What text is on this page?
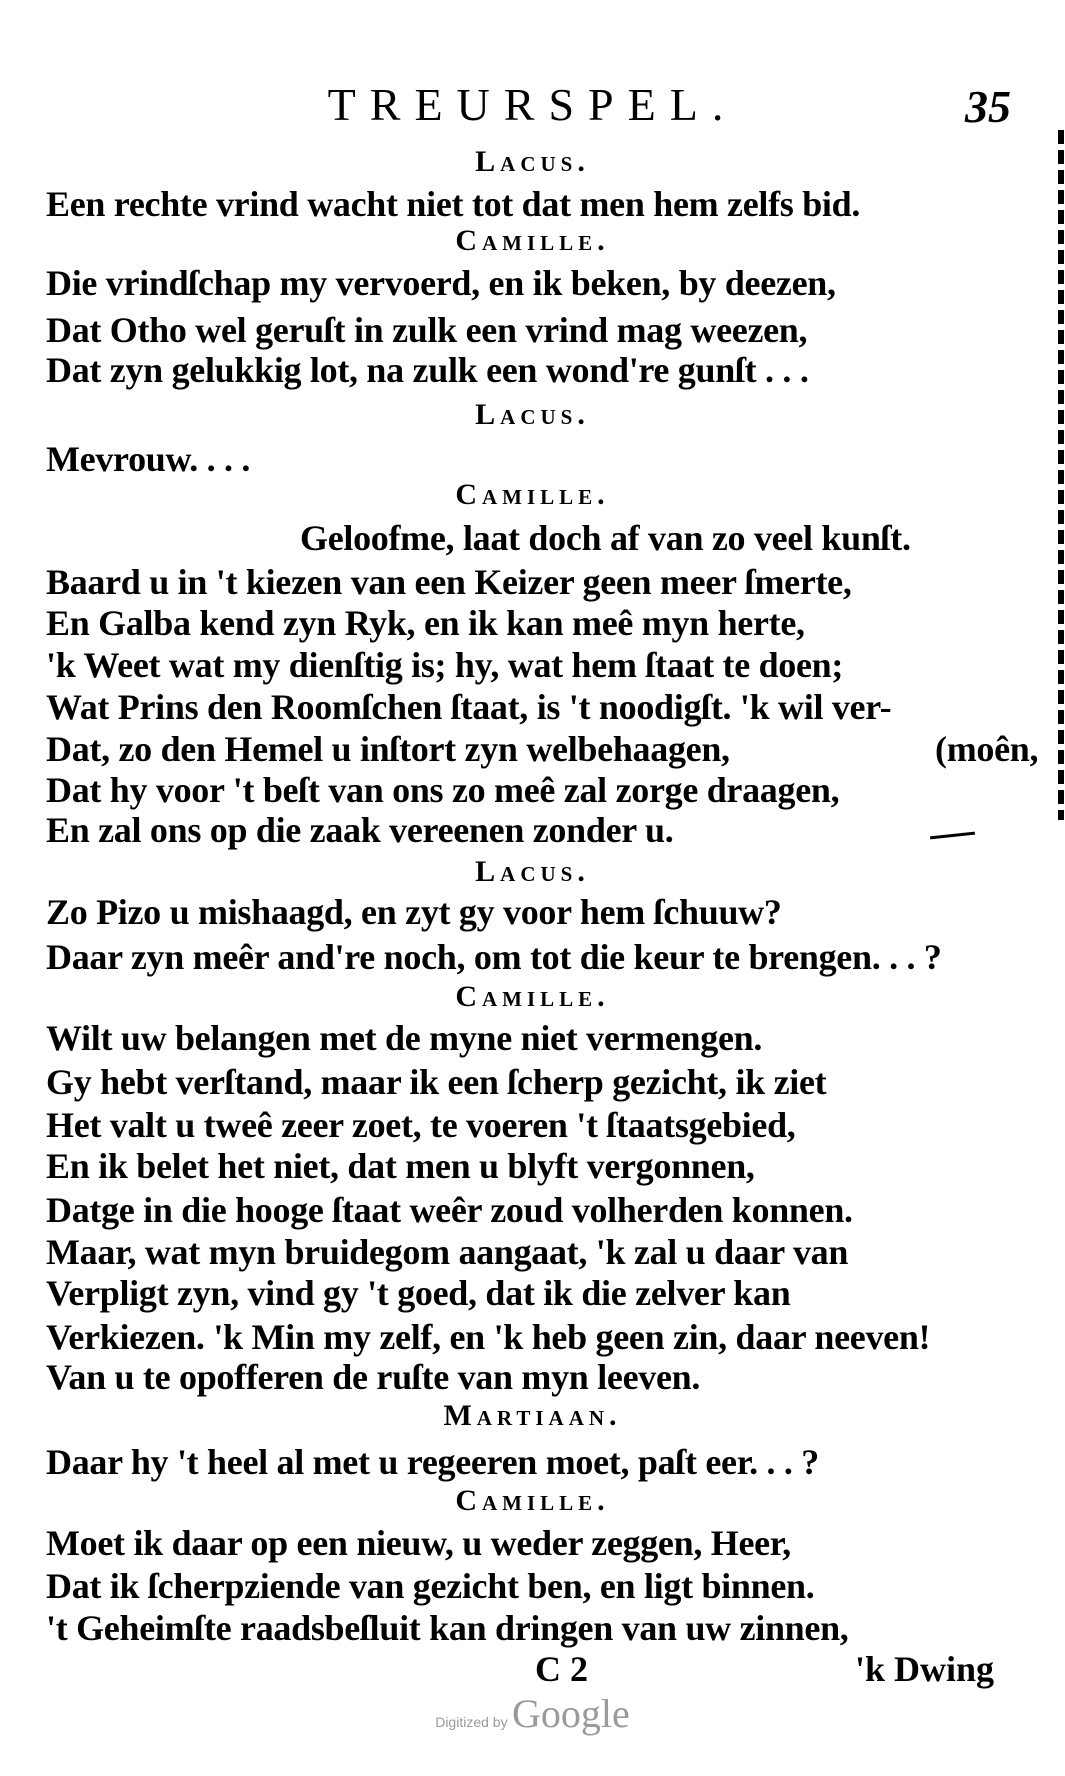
TREURSPEL.	35
Lacus.
Een rechte vrind wacht niet tot dat men hem zelfs bid.
Camille.
Die vrindſchap my vervoerd, en ik beken, by deezen,
Dat Otho wel geruſt in zulk een vrind mag weezen,
Dat zyn gelukkig lot, na zulk een wond're gunſt . . .
Lacus.
Mevrouw. . . .
Camille.
Geloofme, laat doch af van zo veel kunſt.
Baard u in 't kiezen van een Keizer geen meer ſmerte,
En Galba kend zyn Ryk, en ik kan meê myn herte,
'k Weet wat my dienſtig is; hy, wat hem ſtaat te doen;
Wat Prins den Roomſchen ſtaat, is 't noodigſt. 'k wil ver-
Dat, zo den Hemel u inſtort zyn welbehaagen,	(moên,
Dat hy voor 't beſt van ons zo meê zal zorge draagen,
En zal ons op die zaak vereenen zonder u.
Lacus.
Zo Pizo u mishaagd, en zyt gy voor hem ſchuuw?
Daar zyn meêr and're noch, om tot die keur te brengen. . . ?
Camille.
Wilt uw belangen met de myne niet vermengen.
Gy hebt verſtand, maar ik een ſcherp gezicht, ik ziet
Het valt u tweê zeer zoet, te voeren 't ſtaatsgebied,
En ik belet het niet, dat men u blyft vergonnen,
Datge in die hooge ſtaat weêr zoud volherden konnen.
Maar, wat myn bruidegom aangaat, 'k zal u daar van
Verpligt zyn, vind gy 't goed, dat ik die zelver kan
Verkiezen. 'k Min my zelf, en 'k heb geen zin, daar neeven!
Van u te opofferen de ruſte van myn leeven.
Martiaan.
Daar hy 't heel al met u regeeren moet, paſt eer. . . ?
Camille.
Moet ik daar op een nieuw, u weder zeggen, Heer,
Dat ik ſcherpziende van gezicht ben, en ligt binnen.
't Geheimſte raadsbeſluit kan dringen van uw zinnen,
C 2	'k Dwing
Digitized by Google
